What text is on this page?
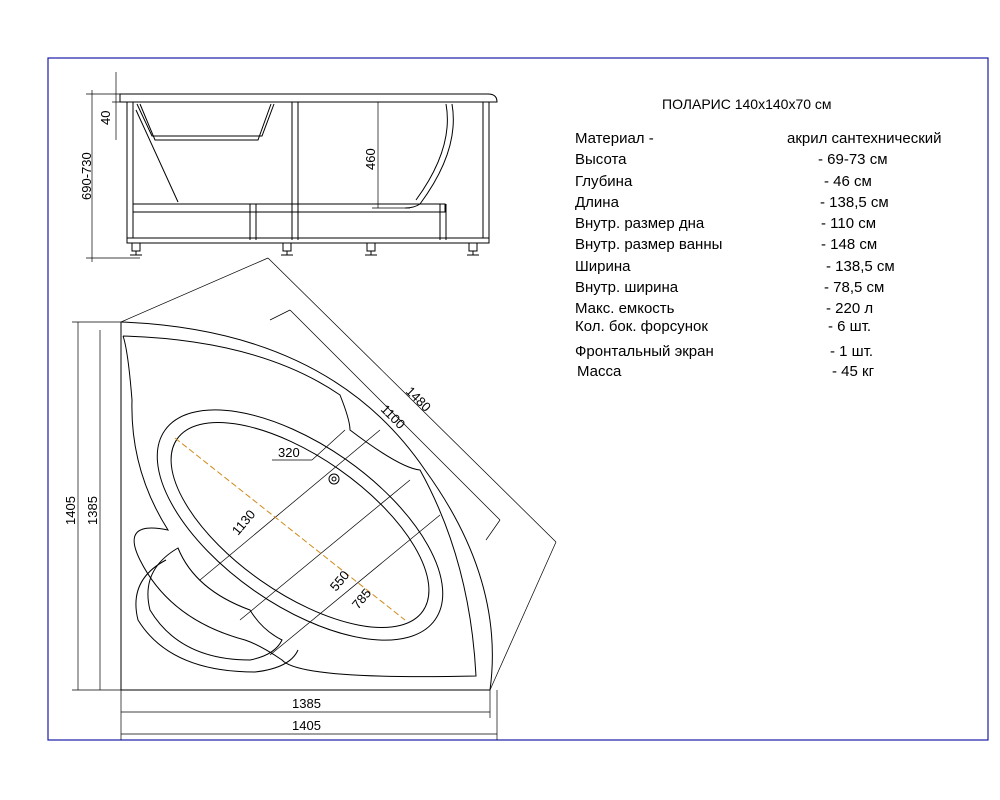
40
690-730	460
1480
1100
320
1130
550
785
1405 1385
1385
1405
ПОЛАРИС 140x140x70 см
Материал -	акрил сантехнический
Высота	- 69-73 см
Глубина	- 46 см
Длина	- 138,5 см
Внутр. размер дна	- 110 см
Внутр. размер ванны	- 148 см
Ширина	- 138,5 см
Внутр. ширина	- 78,5 см
Макс. емкость	- 220 л
Кол. бок. форсунок	- 6 шт.
Фронтальный экран	- 1 шт.
Масса	- 45 кг
